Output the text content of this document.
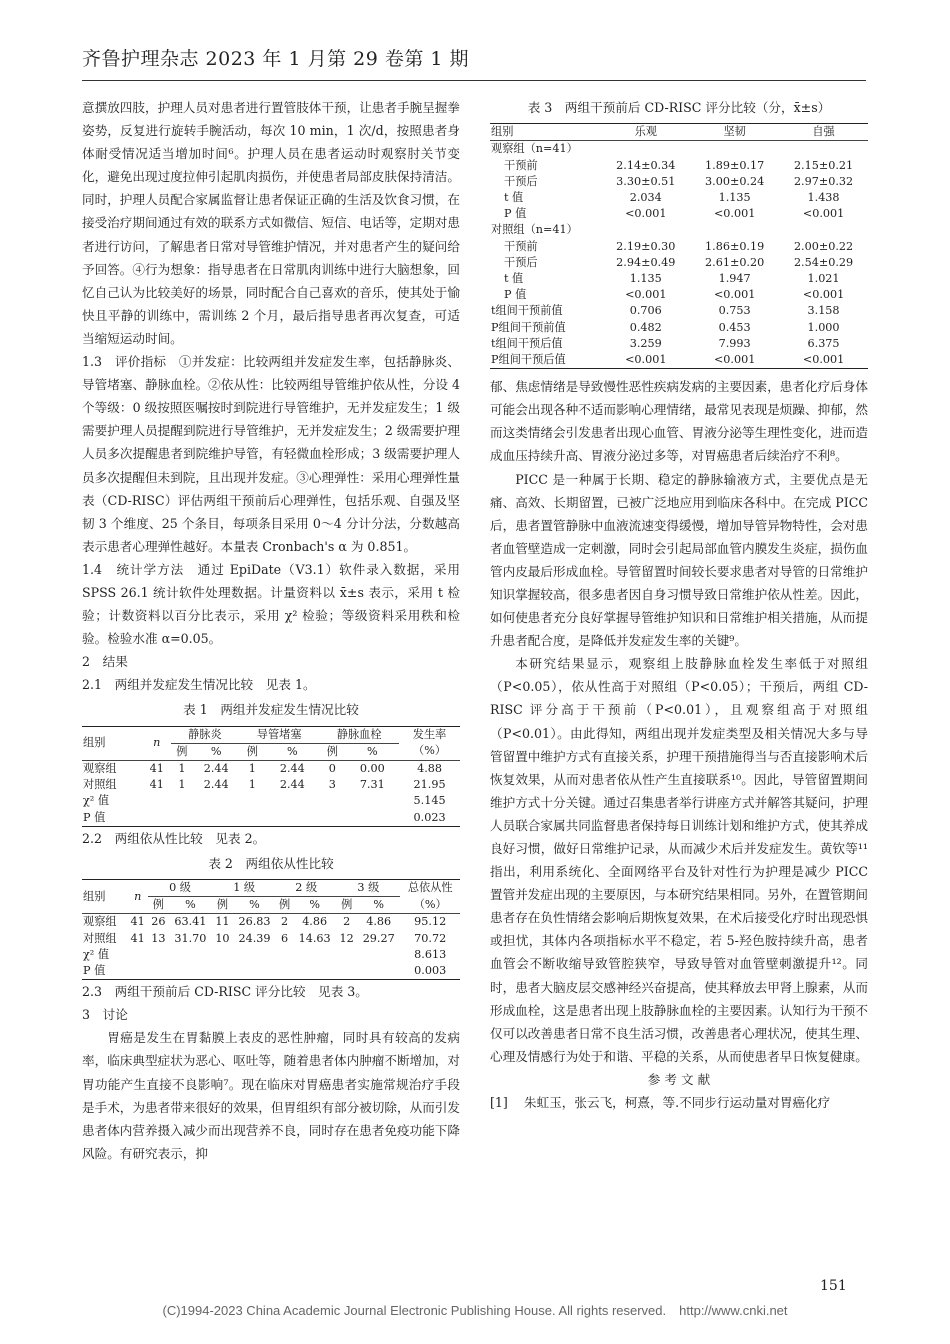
齐鲁护理杂志 2023 年 1 月第 29 卷第 1 期

意撰放四肢，护理人员对患者进行置管肢体干预，让患者手腕呈握拳姿势，反复进行旋转手腕活动，每次 10 min，1 次/d，按照患者身体耐受情况适当增加时间⁶。护理人员在患者运动时观察肘关节变化，避免出现过度拉伸引起肌肉损伤，并使患者局部皮肤保持清洁。同时，护理人员配合家属监督让患者保证正确的生活及饮食习惯，在接受治疗期间通过有效的联系方式如微信、短信、电话等，定期对患者进行访问，了解患者日常对导管维护情况，并对患者产生的疑问给予回答。④行为想象：指导患者在日常肌肉训练中进行大脑想象，回忆自己认为比较美好的场景，同时配合自己喜欢的音乐，使其处于愉快且平静的训练中，需训练 2 个月，最后指导患者再次复查，可适当缩短运动时间。

1.3　评价指标　①并发症：比较两组并发症发生率，包括静脉炎、导管堵塞、静脉血栓。②依从性：比较两组导管维护依从性，分设 4 个等级：0 级按照医嘱按时到院进行导管维护，无并发症发生；1 级需要护理人员提醒到院进行导管维护，无并发症发生；2 级需要护理人员多次提醒患者到院维护导管，有轻微血栓形成；3 级需要护理人员多次提醒但未到院，且出现并发症。③心理弹性：采用心理弹性量表（CD-RISC）评估两组干预前后心理弹性，包括乐观、自强及坚韧 3 个维度、25 个条目，每项条目采用 0～4 分计分法，分数越高表示患者心理弹性越好。本量表 Cronbach's α 为 0.851。

1.4　统计学方法　通过 EpiDate（V3.1）软件录入数据，采用 SPSS 26.1 统计软件处理数据。计量资料以 x̄±s 表示，采用 t 检验；计数资料以百分比表示，采用 χ² 检验；等级资料采用秩和检验。检验水准 α=0.05。

2　结果

2.1　两组并发症发生情况比较　见表 1。

表 1　两组并发症发生情况比较
组别	n	静脉炎		导管堵塞		静脉血栓		发生率
		例	%	例	%	例	%	（%）
观察组	41	1	2.44	1	2.44	0	0.00	4.88
对照组	41	1	2.44	1	2.44	3	7.31	21.95
χ² 值								5.145
P 值								0.023

2.2　两组依从性比较　见表 2。

表 2　两组依从性比较
组别	n	0 级		1 级		2 级		3 级		总依从性
		例	%	例	%	例	%	例	%	（%）
观察组	41	26	63.41	11	26.83	2	4.86	2	4.86	95.12
对照组	41	13	31.70	10	24.39	6	14.63	12	29.27	70.72
χ² 值										8.613
P 值										0.003

2.3　两组干预前后 CD-RISC 评分比较　见表 3。

3　讨论

胃癌是发生在胃黏膜上表皮的恶性肿瘤，同时具有较高的发病率，临床典型症状为恶心、呕吐等，随着患者体内肿瘤不断增加，对胃功能产生直接不良影响⁷。现在临床对胃癌患者实施常规治疗手段是手术，为患者带来很好的效果，但胃组织有部分被切除，从而引发患者体内营养摄入减少而出现营养不良，同时存在患者免疫功能下降风险。有研究表示，抑

表 3　两组干预前后 CD-RISC 评分比较（分，x̄±s）
组别	乐观	坚韧	自强
观察组（n=41）			
干预前	2.14±0.34	1.89±0.17	2.15±0.21
干预后	3.30±0.51	3.00±0.24	2.97±0.32
t 值	2.034	1.135	1.438
P 值	<0.001	<0.001	<0.001
对照组（n=41）			
干预前	2.19±0.30	1.86±0.19	2.00±0.22
干预后	2.94±0.49	2.61±0.20	2.54±0.29
t 值	1.135	1.947	1.021
P 值	<0.001	<0.001	<0.001
t组间干预前值	0.706	0.753	3.158
P组间干预前值	0.482	0.453	1.000
t组间干预后值	3.259	7.993	6.375
P组间干预后值	<0.001	<0.001	<0.001

郁、焦虑情绪是导致慢性恶性疾病发病的主要因素，患者化疗后身体可能会出现各种不适而影响心理情绪，最常见表现是烦躁、抑郁，然而这类情绪会引发患者出现心血管、胃液分泌等生理性变化，进而造成血压持续升高、胃液分泌过多等，对胃癌患者后续治疗不利⁸。

PICC 是一种属于长期、稳定的静脉输液方式，主要优点是无痛、高效、长期留置，已被广泛地应用到临床各科中。在完成 PICC 后，患者置管静脉中血液流速变得缓慢，增加导管异物特性，会对患者血管壁造成一定刺激，同时会引起局部血管内膜发生炎症，损伤血管内皮最后形成血栓。导管留置时间较长要求患者对导管的日常维护知识掌握较高，很多患者因自身习惯导致日常维护依从性差。因此，如何使患者充分良好掌握导管维护知识和日常维护相关措施，从而提升患者配合度，是降低并发症发生率的关键⁹。

本研究结果显示，观察组上肢静脉血栓发生率低于对照组（P<0.05），依从性高于对照组（P<0.05）；干预后，两组 CD-RISC 评分高于干预前（P<0.01），且观察组高于对照组（P<0.01）。由此得知，两组出现并发症类型及相关情况大多与导管留置中维护方式有直接关系，护理干预措施得当与否直接影响术后恢复效果，从而对患者依从性产生直接联系¹⁰。因此，导管留置期间维护方式十分关键。通过召集患者举行讲座方式并解答其疑问，护理人员联合家属共同监督患者保持每日训练计划和维护方式，使其养成良好习惯，做好日常维护记录，从而减少术后并发症发生。黄钦等¹¹指出，利用系统化、全面网络平台及针对性行为护理是减少 PICC 置管并发症出现的主要原因，与本研究结果相同。另外，在置管期间患者存在负性情绪会影响后期恢复效果，在术后接受化疗时出现恐惧或担忧，其体内各项指标水平不稳定，若 5-羟色胺持续升高，患者血管会不断收缩导致管腔狭窄，导致导管对血管壁刺激提升¹²。同时，患者大脑皮层交感神经兴奋提高，使其释放去甲肾上腺素，从而形成血栓，这是患者出现上肢静脉血栓的主要因素。认知行为干预不仅可以改善患者日常不良生活习惯，改善患者心理状况，使其生理、心理及情感行为处于和谐、平稳的关系，从而使患者早日恢复健康。

参 考 文 献

[1]	朱虹玉，张云飞，柯熹，等.不同步行运动量对胃癌化疗
151
(C)1994-2023 China Academic Journal Electronic Publishing House. All rights reserved.　http://www.cnki.net
